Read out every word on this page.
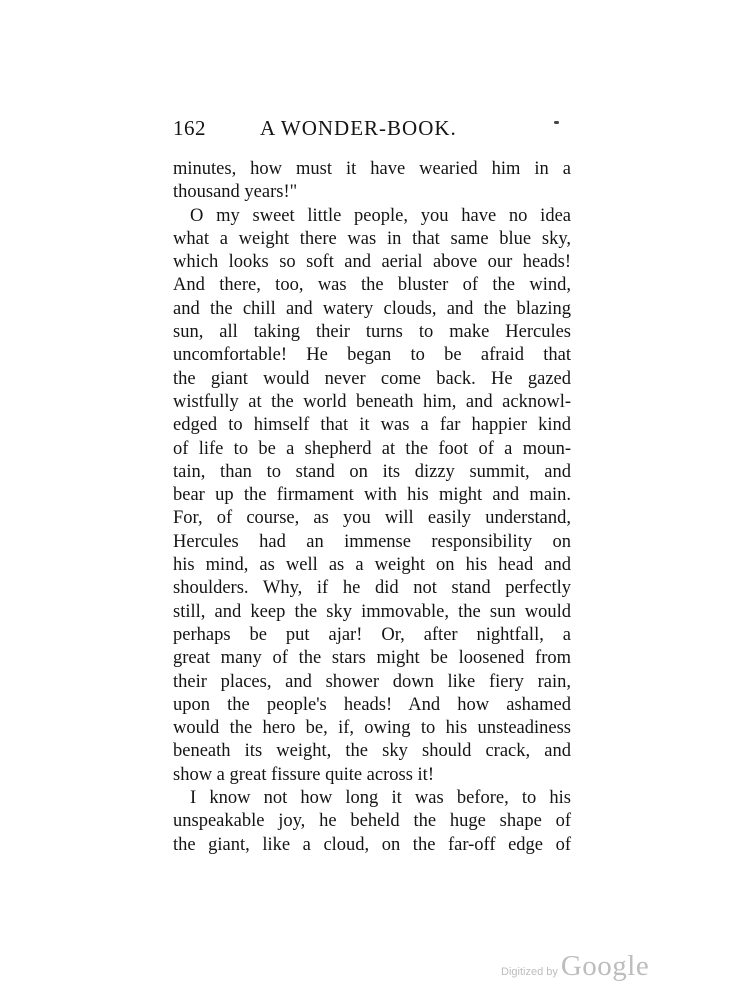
162	A WONDER-BOOK.
minutes, how must it have wearied him in a
thousand years!"
O my sweet little people, you have no idea
what a weight there was in that same blue sky,
which looks so soft and aerial above our heads!
And there, too, was the bluster of the wind,
and the chill and watery clouds, and the blazing
sun, all taking their turns to make Hercules
uncomfortable! He began to be afraid that
the giant would never come back. He gazed
wistfully at the world beneath him, and acknowl-
edged to himself that it was a far happier kind
of life to be a shepherd at the foot of a moun-
tain, than to stand on its dizzy summit, and
bear up the firmament with his might and main.
For, of course, as you will easily understand,
Hercules had an immense responsibility on
his mind, as well as a weight on his head and
shoulders. Why, if he did not stand perfectly
still, and keep the sky immovable, the sun would
perhaps be put ajar! Or, after nightfall, a
great many of the stars might be loosened from
their places, and shower down like fiery rain,
upon the people's heads! And how ashamed
would the hero be, if, owing to his unsteadiness
beneath its weight, the sky should crack, and
show a great fissure quite across it!
I know not how long it was before, to his
unspeakable joy, he beheld the huge shape of
the giant, like a cloud, on the far-off edge of
Digitized by Google
